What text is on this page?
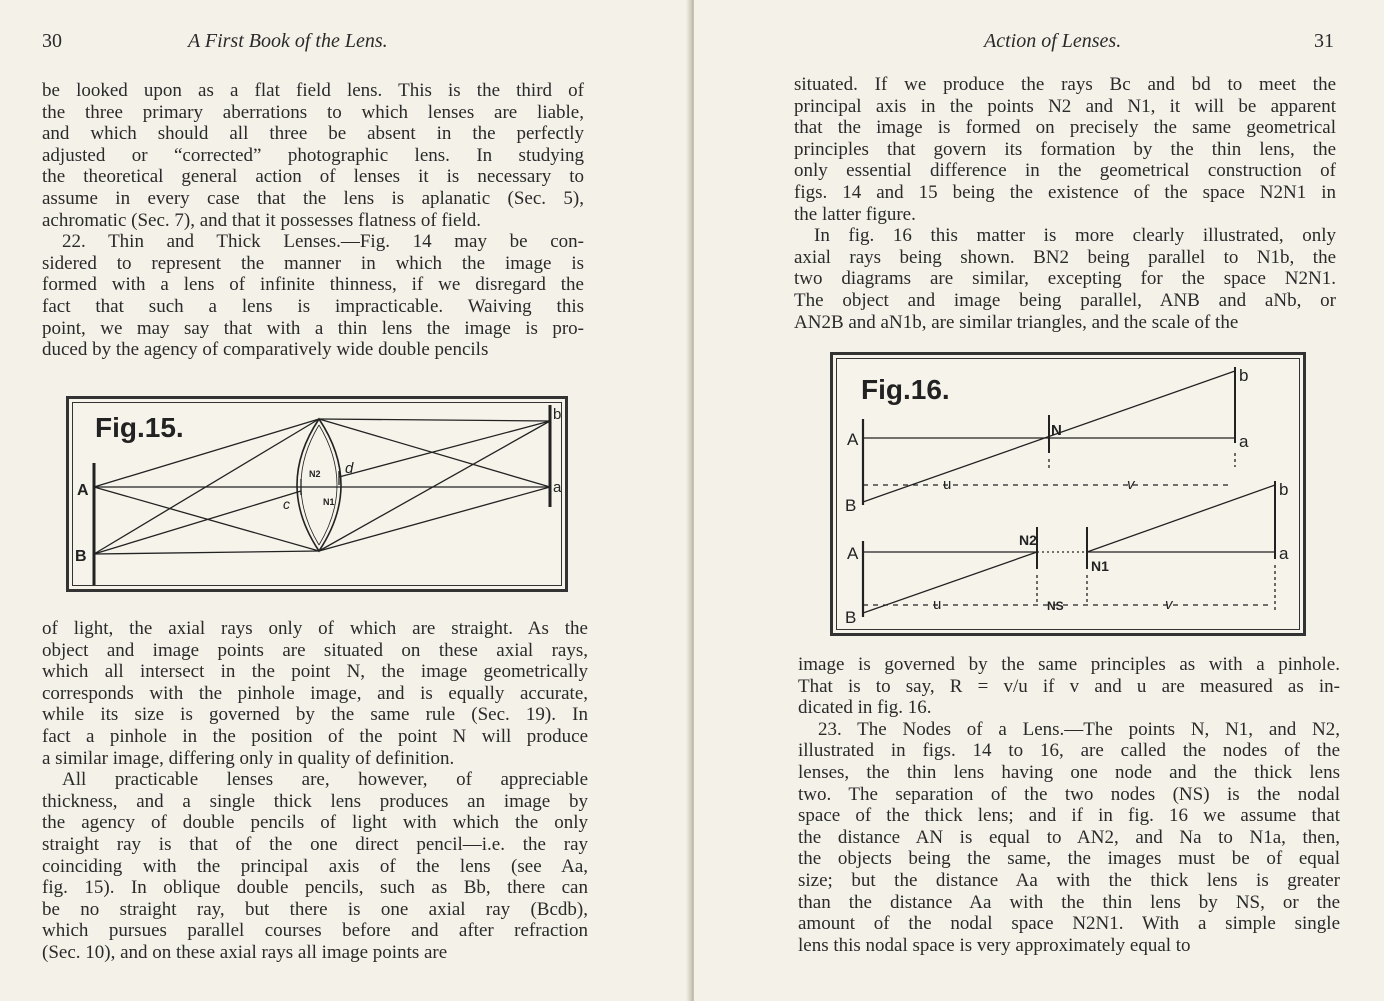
30	A First Book of the Lens.
be looked upon as a flat field lens. This is the third of
the three primary aberrations to which lenses are liable,
and which should all three be absent in the perfectly
adjusted or “corrected” photographic lens. In studying
the theoretical general action of lenses it is necessary to
assume in every case that the lens is aplanatic (Sec. 5),
achromatic (Sec. 7), and that it possesses flatness of field.
22. Thin and Thick Lenses.—Fig. 14 may be con-
sidered to represent the manner in which the image is
formed with a lens of infinite thinness, if we disregard the
fact that such a lens is impracticable. Waiving this
point, we may say that with a thin lens the image is pro-
duced by the agency of comparatively wide double pencils
Fig.15.
A
B
a
b
c
d
N2
N1
of light, the axial rays only of which are straight. As the
object and image points are situated on these axial rays,
which all intersect in the point N, the image geometrically
corresponds with the pinhole image, and is equally accurate,
while its size is governed by the same rule (Sec. 19). In
fact a pinhole in the position of the point N will produce
a similar image, differing only in quality of definition.
All practicable lenses are, however, of appreciable
thickness, and a single thick lens produces an image by
the agency of double pencils of light with which the only
straight ray is that of the one direct pencil—i.e. the ray
coinciding with the principal axis of the lens (see Aa,
fig. 15). In oblique double pencils, such as Bb, there can
be no straight ray, but there is one axial ray (Bcdb),
which pursues parallel courses before and after refraction
(Sec. 10), and on these axial rays all image points are
Action of Lenses.	31
situated. If we produce the rays Bc and bd to meet the
principal axis in the points N2 and N1, it will be apparent
that the image is formed on precisely the same geometrical
principles that govern its formation by the thin lens, the
only essential difference in the geometrical construction of
figs. 14 and 15 being the existence of the space N2N1 in
the latter figure.
In fig. 16 this matter is more clearly illustrated, only
axial rays being shown. BN2 being parallel to N1b, the
two diagrams are similar, excepting for the space N2N1.
The object and image being parallel, ANB and aNb, or
AN2B and aN1b, are similar triangles, and the scale of the
Fig.16.
A
B
a
b
N
u	v
A
B
a
b
N2
N1
u	NS	v
image is governed by the same principles as with a pinhole.
That is to say, R = v/u if v and u are measured as in-
dicated in fig. 16.
23. The Nodes of a Lens.—The points N, N1, and N2,
illustrated in figs. 14 to 16, are called the nodes of the
lenses, the thin lens having one node and the thick lens
two. The separation of the two nodes (NS) is the nodal
space of the thick lens; and if in fig. 16 we assume that
the distance AN is equal to AN2, and Na to N1a, then,
the objects being the same, the images must be of equal
size; but the distance Aa with the thick lens is greater
than the distance Aa with the thin lens by NS, or the
amount of the nodal space N2N1. With a simple single
lens this nodal space is very approximately equal to
